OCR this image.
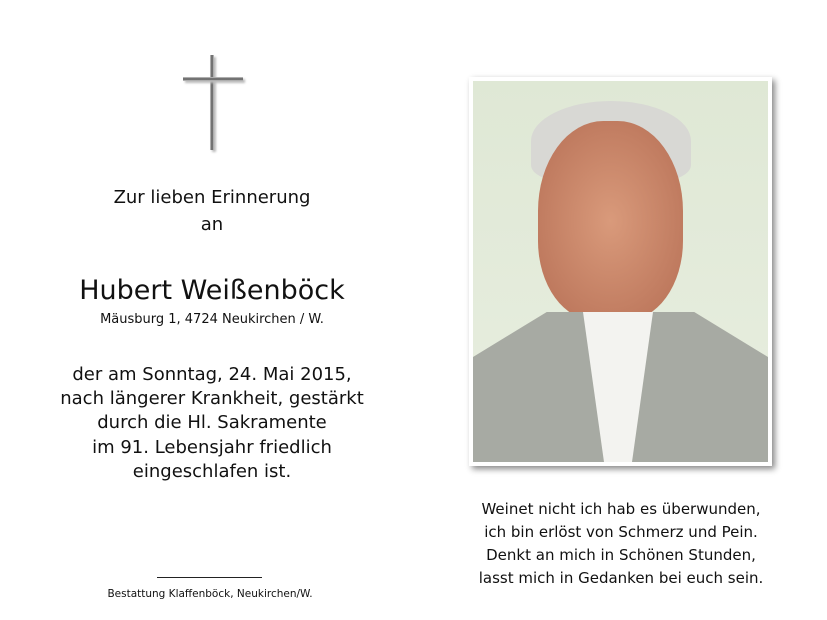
Zur lieben Erinnerung
an
Hubert Weißenböck
Mäusburg 1, 4724 Neukirchen / W.
der am Sonntag, 24. Mai 2015,
nach längerer Krankheit, gestärkt
durch die Hl. Sakramente
im 91. Lebensjahr friedlich
eingeschlafen ist.
Weinet nicht ich hab es überwunden,
ich bin erlöst von Schmerz und Pein.
Denkt an mich in Schönen Stunden,
lasst mich in Gedanken bei euch sein.
Bestattung Klaffenböck, Neukirchen/W.
